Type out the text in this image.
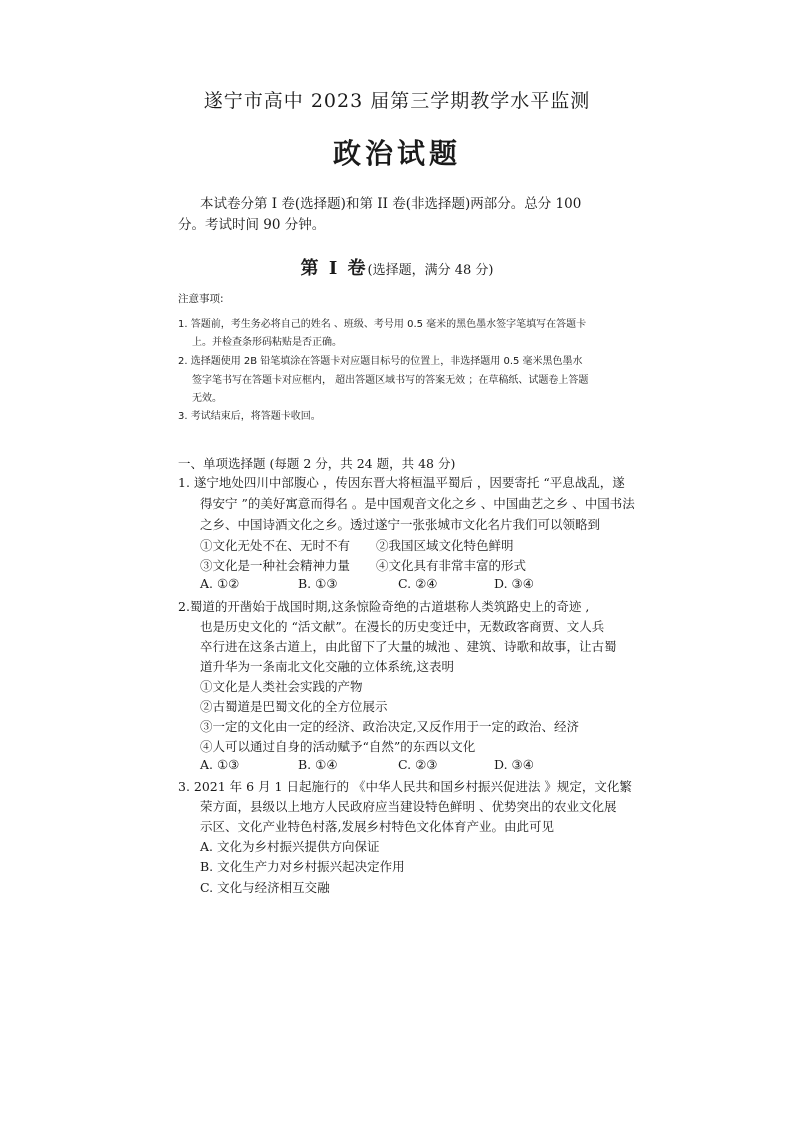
遂宁市高中 2023 届第三学期教学水平监测
政治试题
本试卷分第 I 卷(选择题)和第 II 卷(非选择题)两部分。总分 100
分。考试时间 90 分钟。
第 Ⅰ 卷(选择题，满分 48 分)
注意事项:
1. 答题前，考生务必将自己的姓名 、班级、考号用 0.5 毫米的黑色墨水签字笔填写在答题卡
上。并检查条形码粘贴是否正确。
2. 选择题使用 2B 铅笔填涂在答题卡对应题目标号的位置上，非选择题用 0.5 毫米黑色墨水
签字笔书写在答题卡对应框内， 超出答题区域书写的答案无效 ；在草稿纸、试题卷上答题
无效。
3. 考试结束后，将答题卡收回。
一、单项选择题 (每题 2 分，共 24 题，共 48 分)
1. 遂宁地处四川中部腹心 ，传因东晋大将桓温平蜀后 ，因要寄托 “平息战乱，遂
得安宁 ”的美好寓意而得名 。是中国观音文化之乡 、中国曲艺之乡 、中国书法
之乡、中国诗酒文化之乡。透过遂宁一张张城市文化名片我们可以领略到
①文化无处不在、无时不有 ②我国区域文化特色鲜明
③文化是一种社会精神力量 ④文化具有非常丰富的形式
A. ①②	B. ①③	C. ②④	D. ③④
2.蜀道的开凿始于战国时期,这条惊险奇绝的古道堪称人类筑路史上的奇迹 ,
也是历史文化的 “活文献”。在漫长的历史变迁中，无数政客商贾、文人兵
卒行进在这条古道上，由此留下了大量的城池 、建筑、诗歌和故事，让古蜀
道升华为一条南北文化交融的立体系统,这表明
①文化是人类社会实践的产物
②古蜀道是巴蜀文化的全方位展示
③一定的文化由一定的经济、政治决定,又反作用于一定的政治、经济
④人可以通过自身的活动赋予“自然”的东西以文化
A. ①③	B. ①④	C. ②③	D. ③④
3. 2021 年 6 月 1 日起施行的 《中华人民共和国乡村振兴促进法 》规定，文化繁
荣方面，县级以上地方人民政府应当建设特色鲜明 、优势突出的农业文化展
示区、文化产业特色村落,发展乡村特色文化体育产业。由此可见
A. 文化为乡村振兴提供方向保证
B. 文化生产力对乡村振兴起决定作用
C. 文化与经济相互交融
